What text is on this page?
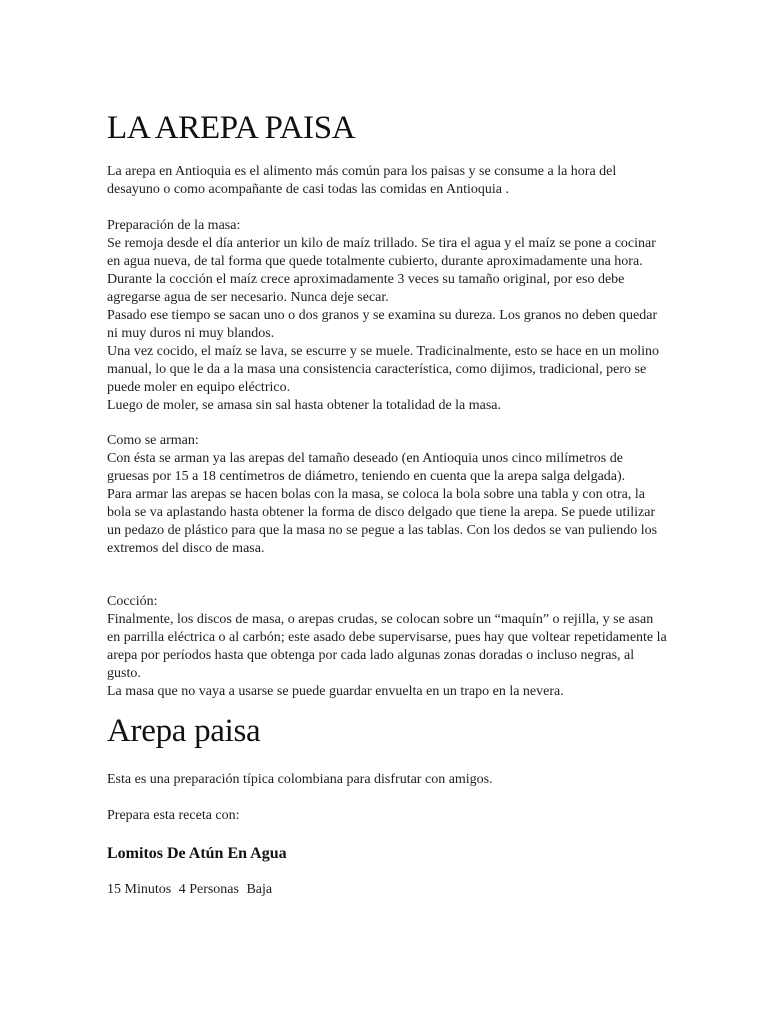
LA AREPA PAISA

La arepa en Antioquia es el alimento más común para los paisas y se consume a la hora del desayuno o como acompañante de casi todas las comidas en Antioquia .

Preparación de la masa:

Se remoja desde el día anterior un kilo de maíz trillado. Se tira el agua y el maíz se pone a cocinar en agua nueva, de tal forma que quede totalmente cubierto, durante aproximadamente una hora. Durante la cocción el maíz crece aproximadamente 3 veces su tamaño original, por eso debe agregarse agua de ser necesario. Nunca deje secar.

Pasado ese tiempo se sacan uno o dos granos y se examina su dureza. Los granos no deben quedar ni muy duros ni muy blandos.

Una vez cocido, el maíz se lava, se escurre y se muele. Tradicinalmente, esto se hace en un molino manual, lo que le da a la masa una consistencia característica, como dijimos, tradicional, pero se puede moler en equipo eléctrico.

Luego de moler, se amasa sin sal hasta obtener la totalidad de la masa.

Como se arman:

Con ésta se arman ya las arepas del tamaño deseado (en Antioquia unos cinco milímetros de gruesas por 15 a 18 centímetros de diámetro, teniendo en cuenta que la arepa salga delgada).

Para armar las arepas se hacen bolas con la masa, se coloca la bola sobre una tabla y con otra, la bola se va aplastando hasta obtener la forma de disco delgado que tiene la arepa. Se puede utilizar un pedazo de plástico para que la masa no se pegue a las tablas. Con los dedos se van puliendo los extremos del disco de masa.

Cocción:

Finalmente, los discos de masa, o arepas crudas, se colocan sobre un “maquín” o rejilla, y se asan en parrilla eléctrica o al carbón; este asado debe supervisarse, pues hay que voltear repetidamente la arepa por períodos hasta que obtenga por cada lado algunas zonas doradas o incluso negras, al gusto.

La masa que no vaya a usarse se puede guardar envuelta en un trapo en la nevera.

Arepa paisa

Esta es una preparación típica colombiana para disfrutar con amigos.

Prepara esta receta con:

Lomitos De Atún En Agua
15 Minutos 4 Personas Baja
